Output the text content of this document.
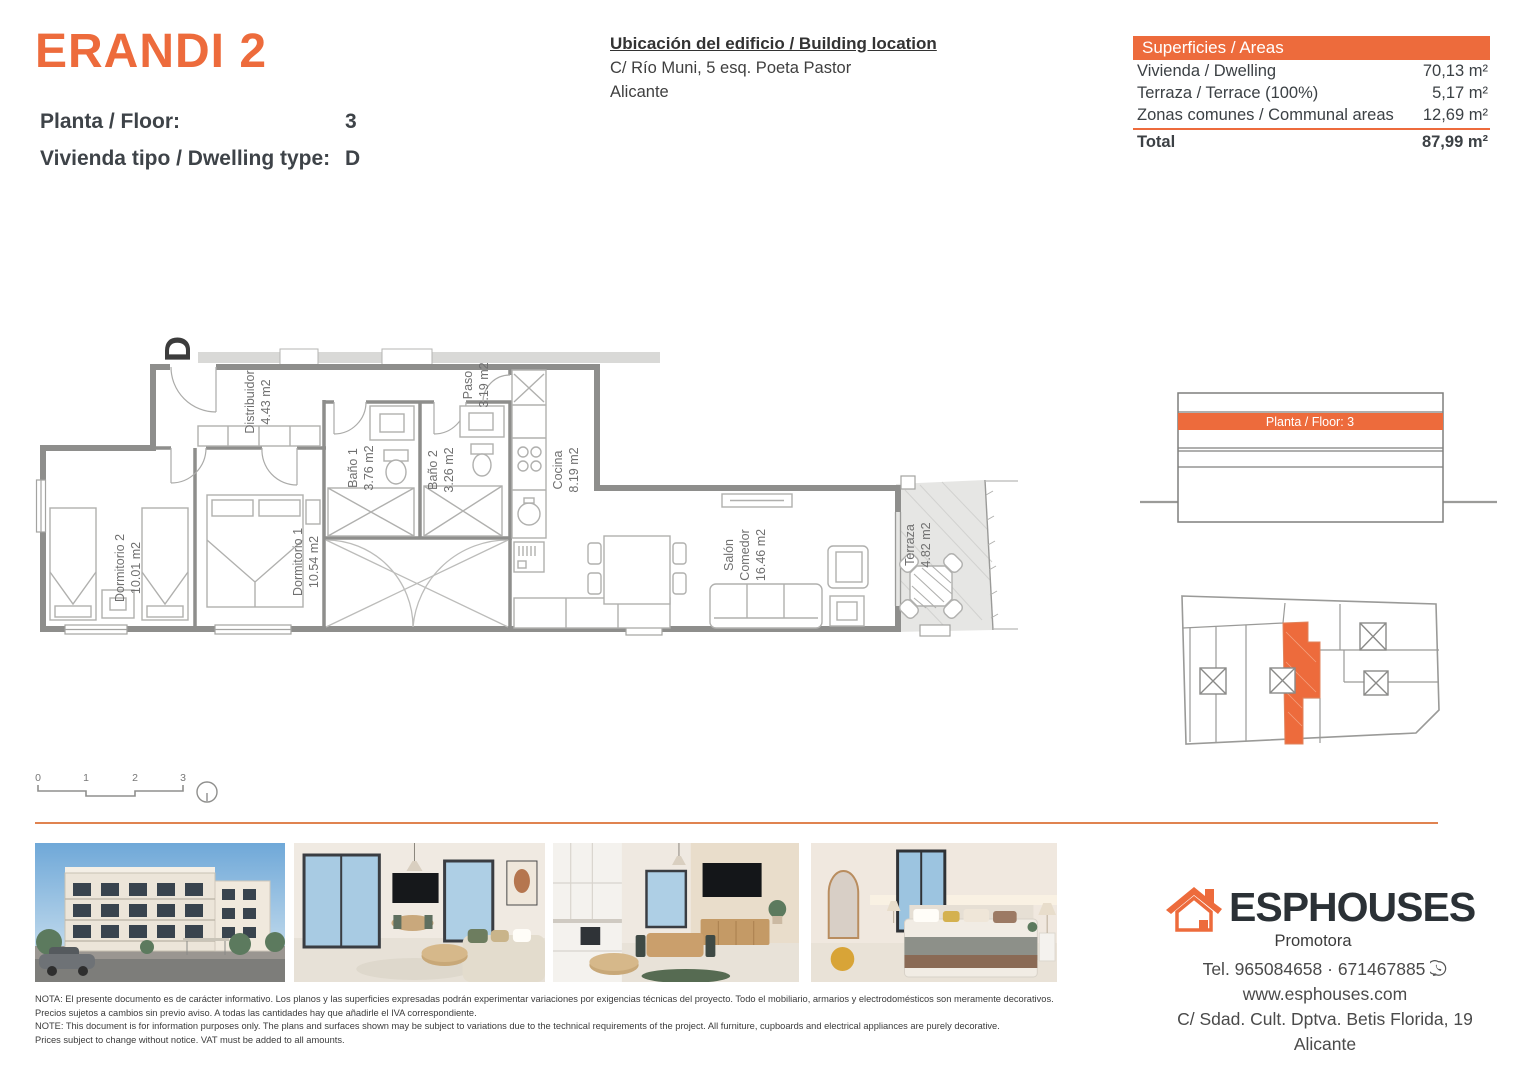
ERANDI 2
Planta / Floor:	3
Vivienda tipo / Dwelling type: D
Ubicación del edificio / Building location
C/ Río Muni, 5 esq. Poeta Pastor
Alicante
Superficies / Areas
Vivienda / Dwelling	70,13 m²
Terraza / Terrace (100%)	5,17 m²
Zonas comunes / Communal areas 12,69 m²
Total	87,99 m²
D
Distribuidor 4.43 m2
Dormitorio 2 10.01 m2	Dormitorio 1 10.54 m2
Baño 1 3.76 m2	Baño 2 3.26 m2
Paso 3.19 m2
Cocina 8.19 m2
Salón Comedor 16.46 m2	Terraza 4.82 m2
0	1	2	3
Planta / Floor: 3
NOTA: El presente documento es de carácter informativo. Los planos y las superficies expresadas podrán experimentar variaciones por exigencias técnicas del proyecto. Todo el mobiliario, armarios y electrodomésticos son meramente decorativos.
Precios sujetos a cambios sin previo aviso. A todas las cantidades hay que añadirle el IVA correspondiente.
NOTE: This document is for information purposes only. The plans and surfaces shown may be subject to variations due to the technical requirements of the project. All furniture, cupboards and electrical appliances are purely decorative.
Prices subject to change without notice. VAT must be added to all amounts.
ESPHOUSES
Promotora
Tel. 965084658 · 671467885
www.esphouses.com
C/ Sdad. Cult. Dptva. Betis Florida, 19
Alicante
